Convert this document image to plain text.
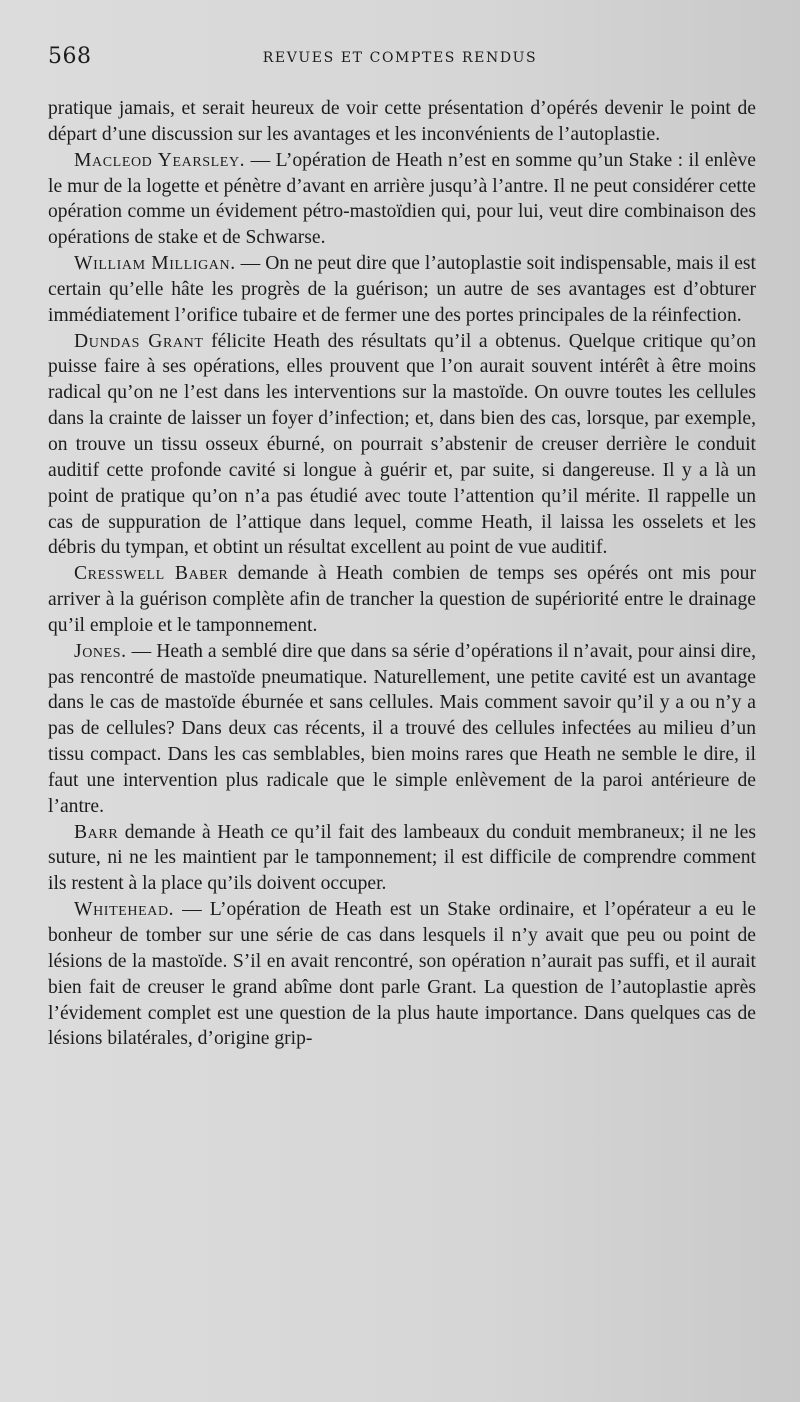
568	REVUES ET COMPTES RENDUS

pratique jamais, et serait heureux de voir cette présentation d’opérés devenir le point de départ d’une discussion sur les avantages et les inconvénients de l’autoplastie.

Macleod Yearsley. — L’opération de Heath n’est en somme qu’un Stake : il enlève le mur de la logette et pénètre d’avant en arrière jusqu’à l’antre. Il ne peut considérer cette opération comme un évidement pétro-mastoïdien qui, pour lui, veut dire combinaison des opérations de stake et de Schwarse.

William Milligan. — On ne peut dire que l’autoplastie soit indispensable, mais il est certain qu’elle hâte les progrès de la guérison; un autre de ses avantages est d’obturer immédiatement l’orifice tubaire et de fermer une des portes principales de la réinfection.

Dundas Grant félicite Heath des résultats qu’il a obtenus. Quelque critique qu’on puisse faire à ses opérations, elles prouvent que l’on aurait souvent intérêt à être moins radical qu’on ne l’est dans les interventions sur la mastoïde. On ouvre toutes les cellules dans la crainte de laisser un foyer d’infection; et, dans bien des cas, lorsque, par exemple, on trouve un tissu osseux éburné, on pourrait s’abstenir de creuser derrière le conduit auditif cette profonde cavité si longue à guérir et, par suite, si dangereuse. Il y a là un point de pratique qu’on n’a pas étudié avec toute l’attention qu’il mérite. Il rappelle un cas de suppuration de l’attique dans lequel, comme Heath, il laissa les osselets et les débris du tympan, et obtint un résultat excellent au point de vue auditif.

Cresswell Baber demande à Heath combien de temps ses opérés ont mis pour arriver à la guérison complète afin de trancher la question de supériorité entre le drainage qu’il emploie et le tamponnement.

Jones. — Heath a semblé dire que dans sa série d’opérations il n’avait, pour ainsi dire, pas rencontré de mastoïde pneumatique. Naturellement, une petite cavité est un avantage dans le cas de mastoïde éburnée et sans cellules. Mais comment savoir qu’il y a ou n’y a pas de cellules? Dans deux cas récents, il a trouvé des cellules infectées au milieu d’un tissu compact. Dans les cas semblables, bien moins rares que Heath ne semble le dire, il faut une intervention plus radicale que le simple enlèvement de la paroi antérieure de l’antre.

Barr demande à Heath ce qu’il fait des lambeaux du conduit membraneux; il ne les suture, ni ne les maintient par le tamponnement; il est difficile de comprendre comment ils restent à la place qu’ils doivent occuper.

Whitehead. — L’opération de Heath est un Stake ordinaire, et l’opérateur a eu le bonheur de tomber sur une série de cas dans lesquels il n’y avait que peu ou point de lésions de la mastoïde. S’il en avait rencontré, son opération n’aurait pas suffi, et il aurait bien fait de creuser le grand abîme dont parle Grant. La question de l’autoplastie après l’évidement complet est une question de la plus haute importance. Dans quelques cas de lésions bilatérales, d’origine grip-
